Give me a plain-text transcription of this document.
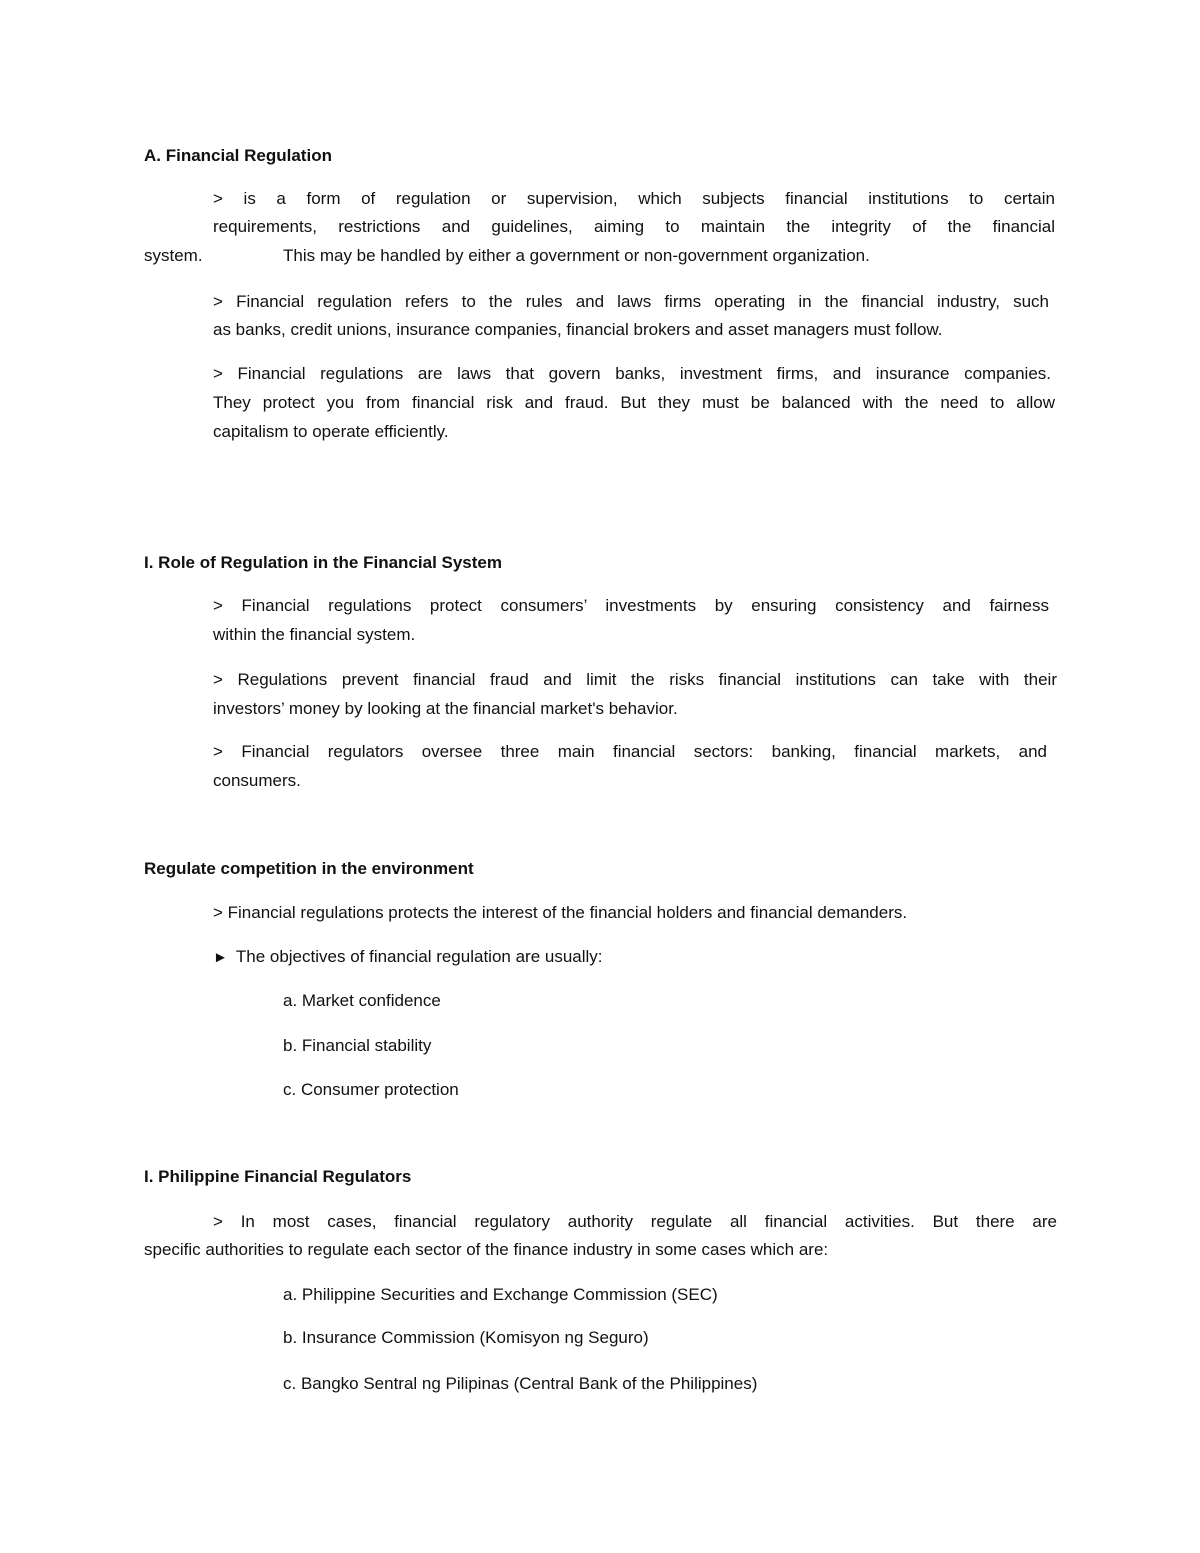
A. Financial Regulation
> is a form of regulation or supervision, which subjects financial institutions to certain
requirements, restrictions and guidelines, aiming to maintain the integrity of the financial
system.	This may be handled by either a government or non-government organization.
> Financial regulation refers to the rules and laws firms operating in the financial industry, such
as banks, credit unions, insurance companies, financial brokers and asset managers must follow.
> Financial regulations are laws that govern banks, investment firms, and insurance companies.
They protect you from financial risk and fraud. But they must be balanced with the need to allow
capitalism to operate efficiently.
I. Role of Regulation in the Financial System
> Financial regulations protect consumers’ investments by ensuring consistency and fairness
within the financial system.
> Regulations prevent financial fraud and limit the risks financial institutions can take with their
investors’ money by looking at the financial market's behavior.
> Financial regulators oversee three main financial sectors: banking, financial markets, and
consumers.
Regulate competition in the environment
> Financial regulations protects the interest of the financial holders and financial demanders.
► The objectives of financial regulation are usually:
a. Market confidence
b. Financial stability
c. Consumer protection
I. Philippine Financial Regulators
> In most cases, financial regulatory authority regulate all financial activities. But there are
specific authorities to regulate each sector of the finance industry in some cases which are:
a. Philippine Securities and Exchange Commission (SEC)
b. Insurance Commission (Komisyon ng Seguro)
c. Bangko Sentral ng Pilipinas (Central Bank of the Philippines)
